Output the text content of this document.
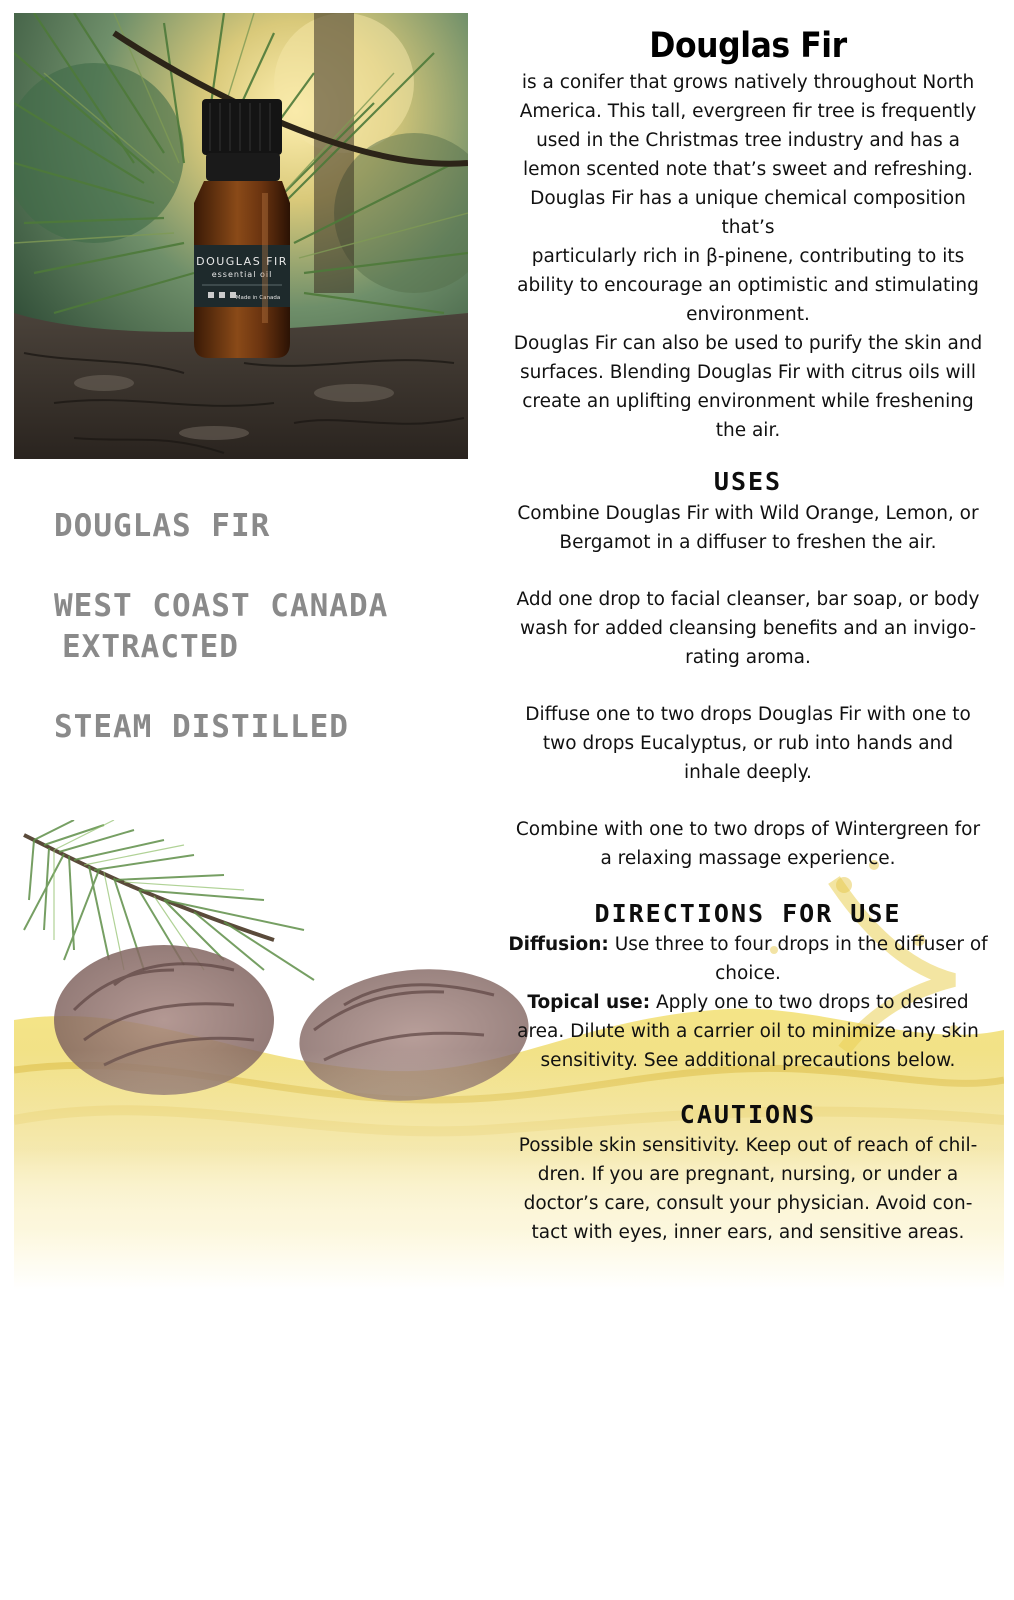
DOUGLAS FIR
essential oil
Made in Canada
DOUGLAS FIR
WEST COAST CANADA
EXTRACTED
STEAM DISTILLED
Douglas Fir

is a conifer that grows natively throughout North

America. This tall, evergreen fir tree is frequently

used in the Christmas tree industry and has a

lemon scented note that’s sweet and refreshing.

Douglas Fir has a unique chemical composition

that’s

particularly rich in β-pinene, contributing to its

ability to encourage an optimistic and stimulating

environment.

Douglas Fir can also be used to purify the skin and

surfaces. Blending Douglas Fir with citrus oils will

create an uplifting environment while freshening

the air.

USES

Combine Douglas Fir with Wild Orange, Lemon, or

Bergamot in a diffuser to freshen the air.

Add one drop to facial cleanser, bar soap, or body

wash for added cleansing benefits and an invigo-

rating aroma.

Diffuse one to two drops Douglas Fir with one to

two drops Eucalyptus, or rub into hands and

inhale deeply.

Combine with one to two drops of Wintergreen for

a relaxing massage experience.

DIRECTIONS FOR USE

Diffusion: Use three to four drops in the diffuser of

choice.

Topical use: Apply one to two drops to desired

area. Dilute with a carrier oil to minimize any skin

sensitivity. See additional precautions below.

CAUTIONS

Possible skin sensitivity. Keep out of reach of chil-

dren. If you are pregnant, nursing, or under a

doctor’s care, consult your physician. Avoid con-

tact with eyes, inner ears, and sensitive areas.
